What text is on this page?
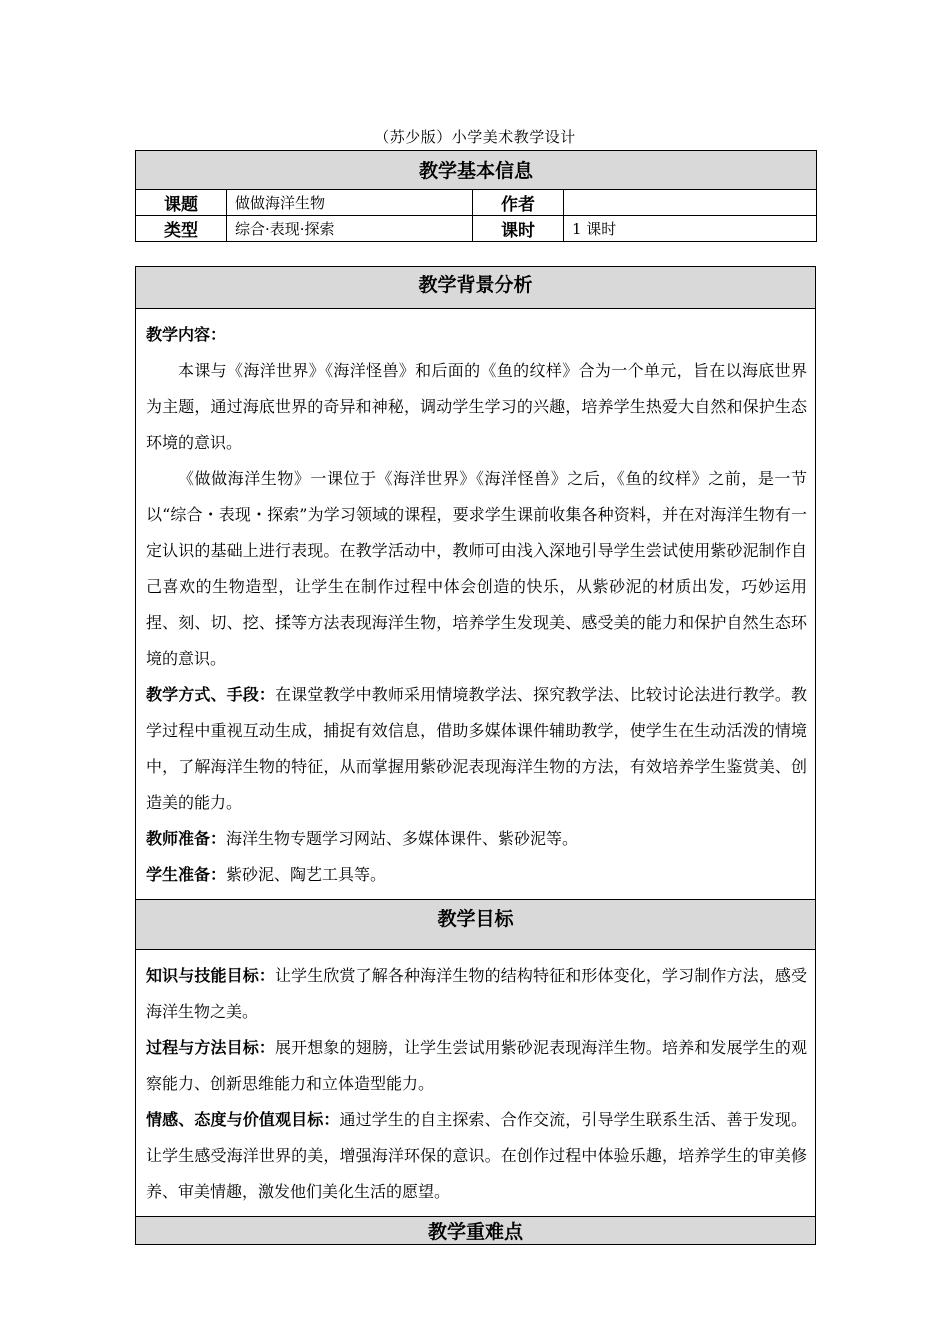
（苏少版）小学美术教学设计
教学基本信息			
课题	做做海洋生物	作者	
类型	综合·表现·探索	课时	1 课时
教学背景分析

教学内容：

本课与《海洋世界》《海洋怪兽》和后面的《鱼的纹样》合为一个单元，旨在以海底世界为主题，通过海底世界的奇异和神秘，调动学生学习的兴趣，培养学生热爱大自然和保护生态环境的意识。

《做做海洋生物》一课位于《海洋世界》《海洋怪兽》之后，《鱼的纹样》之前，是一节以“综合・表现・探索”为学习领域的课程，要求学生课前收集各种资料，并在对海洋生物有一定认识的基础上进行表现。在教学活动中，教师可由浅入深地引导学生尝试使用紫砂泥制作自己喜欢的生物造型，让学生在制作过程中体会创造的快乐，从紫砂泥的材质出发，巧妙运用捏、刻、切、挖、揉等方法表现海洋生物，培养学生发现美、感受美的能力和保护自然生态环境的意识。

教学方式、手段：在课堂教学中教师采用情境教学法、探究教学法、比较讨论法进行教学。教学过程中重视互动生成，捕捉有效信息，借助多媒体课件辅助教学，使学生在生动活泼的情境中，了解海洋生物的特征，从而掌握用紫砂泥表现海洋生物的方法，有效培养学生鉴赏美、创造美的能力。

教师准备：海洋生物专题学习网站、多媒体课件、紫砂泥等。

学生准备：紫砂泥、陶艺工具等。

教学目标

知识与技能目标：让学生欣赏了解各种海洋生物的结构特征和形体变化，学习制作方法，感受海洋生物之美。

过程与方法目标：展开想象的翅膀，让学生尝试用紫砂泥表现海洋生物。培养和发展学生的观察能力、创新思维能力和立体造型能力。

情感、态度与价值观目标：通过学生的自主探索、合作交流，引导学生联系生活、善于发现。让学生感受海洋世界的美，增强海洋环保的意识。在创作过程中体验乐趣，培养学生的审美修养、审美情趣，激发他们美化生活的愿望。

教学重难点
